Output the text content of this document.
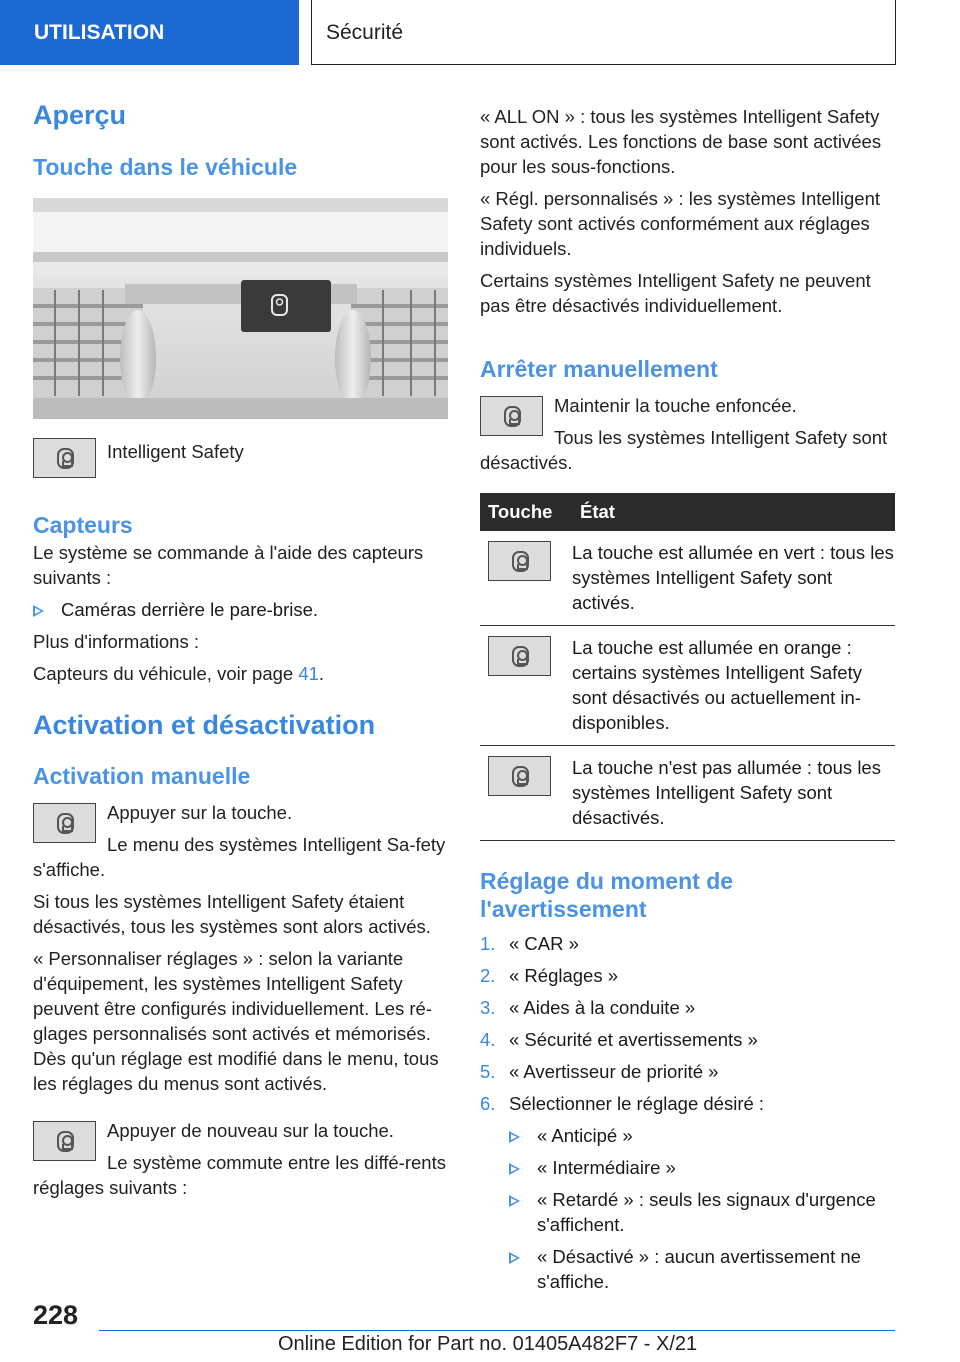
UTILISATION	Sécurité
Aperçu
Touche dans le véhicule

Intelligent Safety

Capteurs

Le système se commande à l'aide des capteurs suivants :

Caméras derrière le pare-brise.

Plus d'informations :

Capteurs du véhicule, voir page 41.

Activation et désactivation
Activation manuelle

Appuyer sur la touche.

Le menu des systèmes Intelligent Sa-fety s'affiche.

Si tous les systèmes Intelligent Safety étaient désactivés, tous les systèmes sont alors activés.

« Personnaliser réglages » : selon la variante d'équipement, les systèmes Intelligent Safety peuvent être configurés individuellement. Les ré-glages personnalisés sont activés et mémorisés. Dès qu'un réglage est modifié dans le menu, tous les réglages du menus sont activés.

Appuyer de nouveau sur la touche.

Le système commute entre les diffé-rents réglages suivants :

« ALL ON » : tous les systèmes Intelligent Safety sont activés. Les fonctions de base sont activées pour les sous-fonctions.

« Régl. personnalisés » : les systèmes Intelligent Safety sont activés conformément aux réglages individuels.

Certains systèmes Intelligent Safety ne peuvent pas être désactivés individuellement.

Arrêter manuellement

Maintenir la touche enfoncée.

Tous les systèmes Intelligent Safety sont désactivés.

Touche	État

	La touche est allumée en vert : tous les systèmes Intelligent Safety sont activés.

	La touche est allumée en orange : certains systèmes Intelligent Safety sont désactivés ou actuellement in-disponibles.

	La touche n'est pas allumée : tous les systèmes Intelligent Safety sont désactivés.
Réglage du moment de l'avertissement
1. « CAR »
2. « Réglages »
3. « Aides à la conduite »
4. « Sécurité et avertissements »
5. « Avertisseur de priorité »
6. Sélectionner le réglage désiré :
« Anticipé »
« Intermédiaire »
« Retardé » : seuls les signaux d'urgence s'affichent.
« Désactivé » : aucun avertissement ne s'affiche.
228
Online Edition for Part no. 01405A482F7 - X/21
